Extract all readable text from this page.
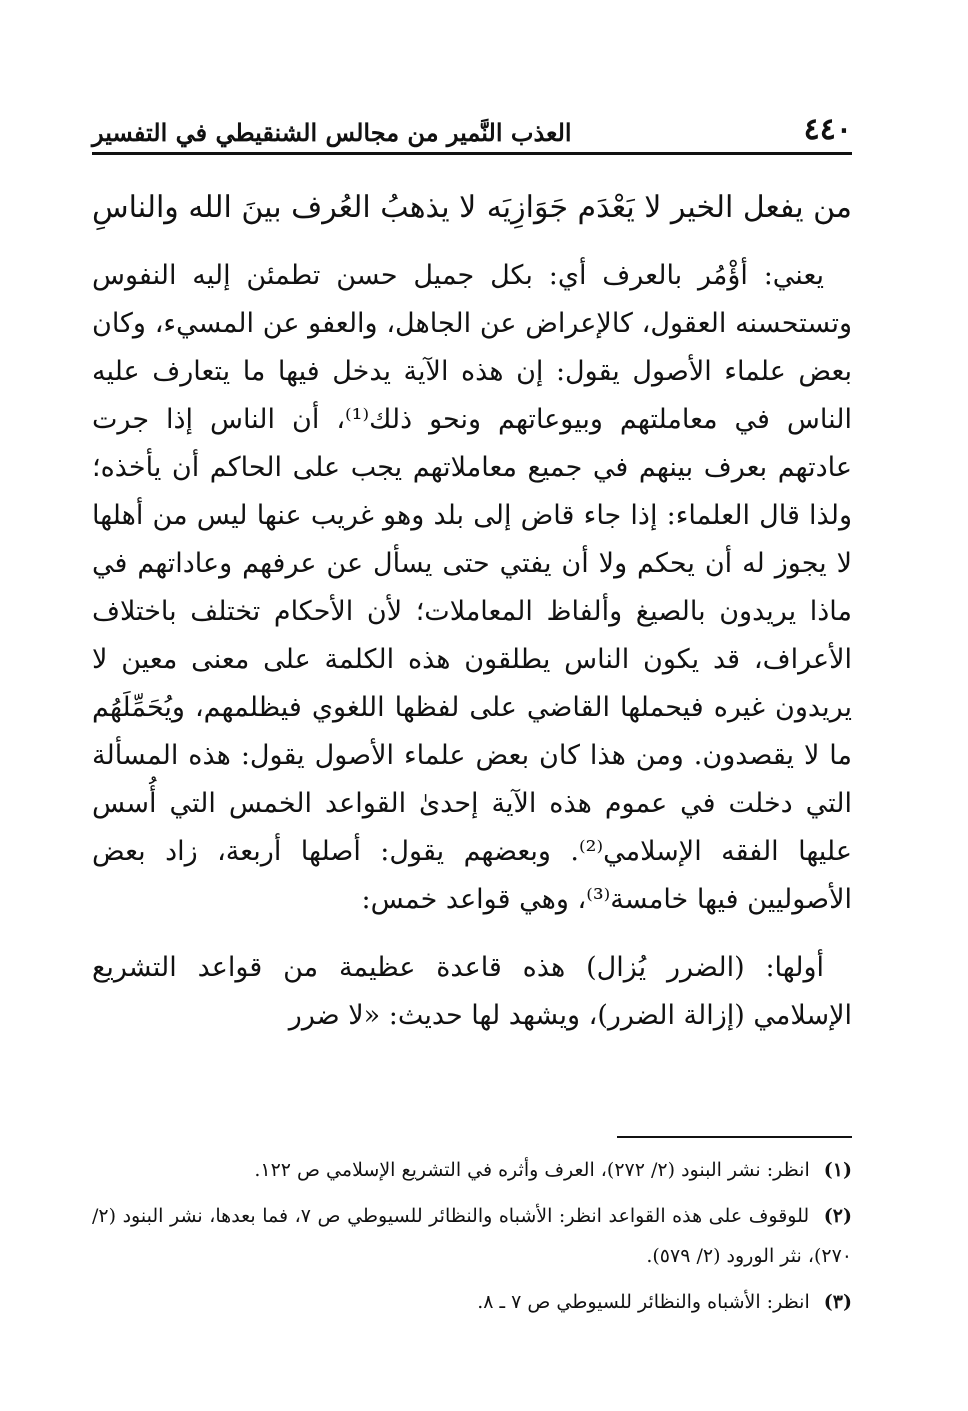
٤٤٠
العذب النَّمير من مجالس الشنقيطي في التفسير
من يفعل الخير لا يَعْدَم جَوَازِيَه
لا يذهبُ العُرف بينَ الله والناسِ

يعني: أؤْمُر بالعرف أي: بكل جميل حسن تطمئن إليه النفوس وتستحسنه العقول، كالإعراض عن الجاهل، والعفو عن المسيء، وكان بعض علماء الأصول يقول: إن هذه الآية يدخل فيها ما يتعارف عليه الناس في معاملتهم وبيوعاتهم ونحو ذلك⁽¹⁾، أن الناس إذا جرت عادتهم بعرف بينهم في جميع معاملاتهم يجب على الحاكم أن يأخذه؛ ولذا قال العلماء: إذا جاء قاض إلى بلد وهو غريب عنها ليس من أهلها لا يجوز له أن يحكم ولا أن يفتي حتى يسأل عن عرفهم وعاداتهم في ماذا يريدون بالصيغ وألفاظ المعاملات؛ لأن الأحكام تختلف باختلاف الأعراف، قد يكون الناس يطلقون هذه الكلمة على معنى معين لا يريدون غيره فيحملها القاضي على لفظها اللغوي فيظلمهم، ويُحَمِّلَهُم ما لا يقصدون. ومن هذا كان بعض علماء الأصول يقول: هذه المسألة التي دخلت في عموم هذه الآية إحدىٰ القواعد الخمس التي أُسس عليها الفقه الإسلامي⁽²⁾. وبعضهم يقول: أصلها أربعة، زاد بعض الأصوليين فيها خامسة⁽³⁾، وهي قواعد خمس:

أولها: (الضرر يُزال) هذه قاعدة عظيمة من قواعد التشريع الإسلامي (إزالة الضرر)، ويشهد لها حديث: «لا ضرر

(١) انظر: نشر البنود (٢/ ٢٧٢)، العرف وأثره في التشريع الإسلامي ص ١٢٢.
(٢) للوقوف على هذه القواعد انظر: الأشباه والنظائر للسيوطي ص ٧، فما بعدها، نشر البنود (٢/ ٢٧٠)، نثر الورود (٢/ ٥٧٩).
(٣) انظر: الأشباه والنظائر للسيوطي ص ٧ ـ ٨.
